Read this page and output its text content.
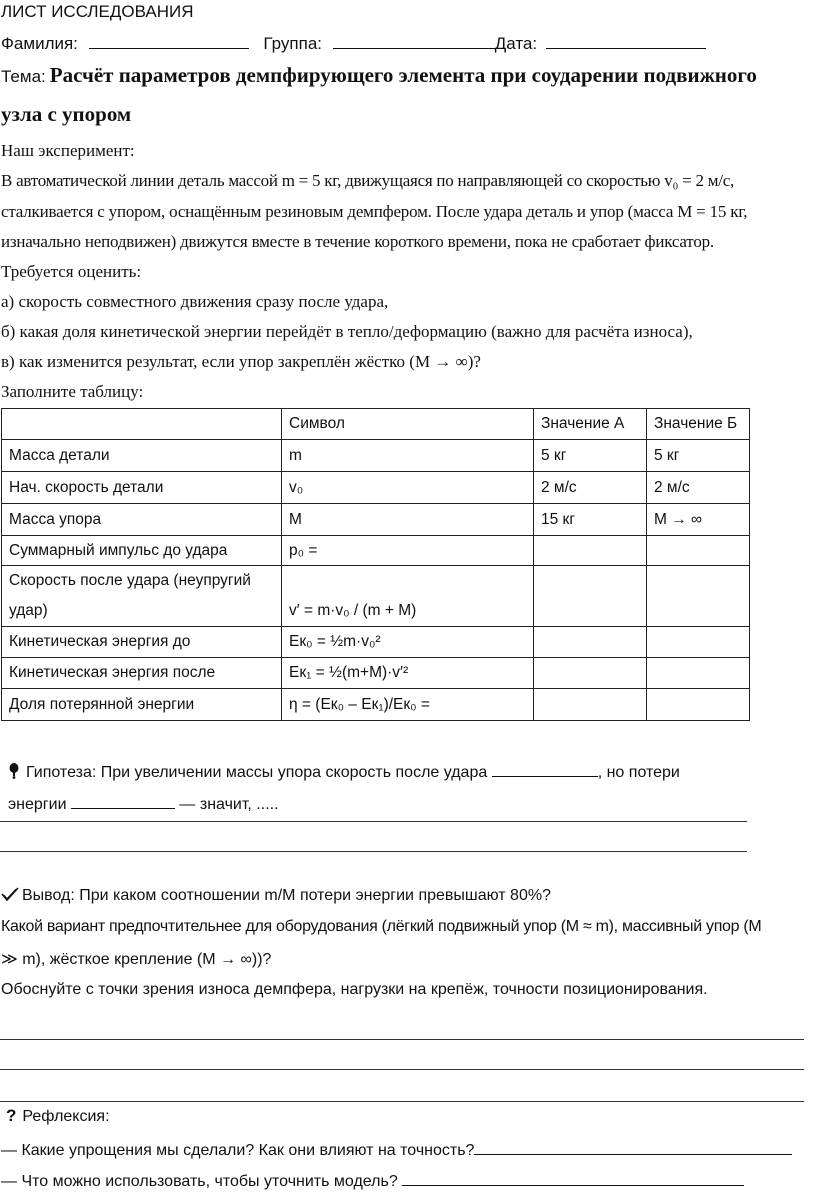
ЛИСТ ИССЛЕДОВАНИЯ
Фамилия:	Группа:	Дата:
Тема: Расчёт параметров демпфирующего элемента при соударении подвижного
узла с упором
Наш эксперимент:
В автоматической линии деталь массой m = 5 кг, движущаяся по направляющей со скоростью v₀ = 2 м/с,
сталкивается с упором, оснащённым резиновым демпфером. После удара деталь и упор (масса M = 15 кг,
изначально неподвижен) движутся вместе в течение короткого времени, пока не сработает фиксатор.
Требуется оценить:
а) скорость совместного движения сразу после удара,
б) какая доля кинетической энергии перейдёт в тепло/деформацию (важно для расчёта износа),
в) как изменится результат, если упор закреплён жёстко (M → ∞)?
Заполните таблицу:
	Символ	Значение А	Значение Б
Масса детали	m	5 кг	5 кг
Нач. скорость детали	v₀	2 м/с	2 м/с
Масса упора	M	15 кг	M → ∞
Суммарный импульс до удара	p₀ =		

Скорость после удара (неупругий
удар)	v′ = m·v₀ / (m + M)		
Кинетическая энергия до	Eк₀ = ½m·v₀²		
Кинетическая энергия после	Eк₁ = ½(m+M)·v′²		
Доля потерянной энергии	η = (Eк₀ – Eк₁)/Eк₀ =		
Гипотеза: При увеличении массы упора скорость после удара	, но потери
энергии	— значит, .....
Вывод: При каком соотношении m/M потери энергии превышают 80%?
Какой вариант предпочтительнее для оборудования (лёгкий подвижный упор (M ≈ m), массивный упор (M
≫ m), жёсткое крепление (M → ∞))?
Обоснуйте с точки зрения износа демпфера, нагрузки на крепёж, точности позиционирования.
? Рефлексия:
— Какие упрощения мы сделали? Как они влияют на точность?
— Что можно использовать, чтобы уточнить модель?
